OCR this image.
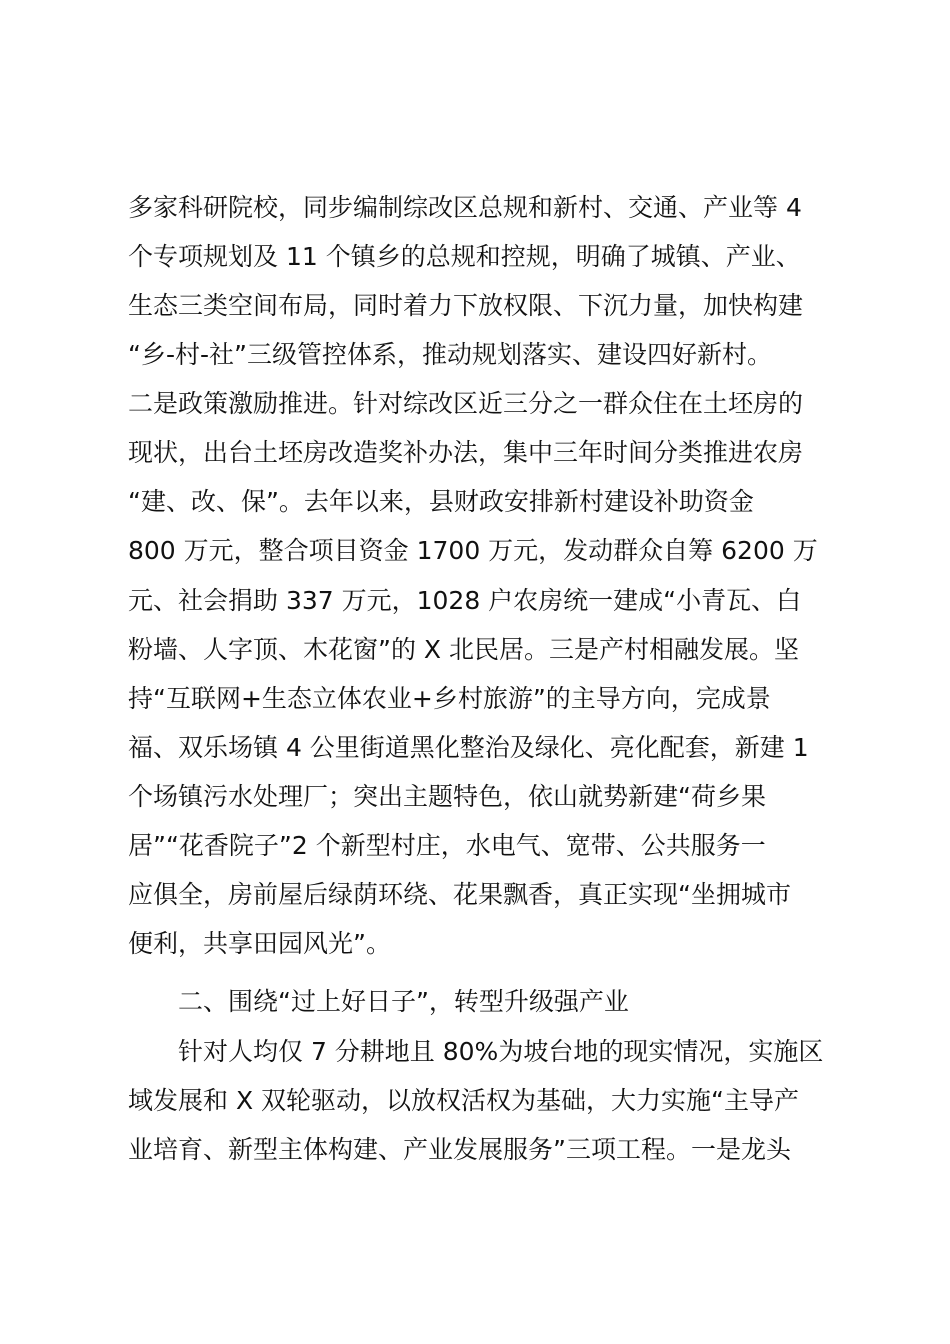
多家科研院校，同步编制综改区总规和新村、交通、产业等 4
个专项规划及 11 个镇乡的总规和控规，明确了城镇、产业、
生态三类空间布局，同时着力下放权限、下沉力量，加快构建
“乡-村-社”三级管控体系，推动规划落实、建设四好新村。
二是政策激励推进。针对综改区近三分之一群众住在土坯房的
现状，出台土坯房改造奖补办法，集中三年时间分类推进农房
“建、改、保”。去年以来，县财政安排新村建设补助资金
800 万元，整合项目资金 1700 万元，发动群众自筹 6200 万
元、社会捐助 337 万元，1028 户农房统一建成“小青瓦、白
粉墙、人字顶、木花窗”的 X 北民居。三是产村相融发展。坚
持“互联网+生态立体农业+乡村旅游”的主导方向，完成景
福、双乐场镇 4 公里街道黑化整治及绿化、亮化配套，新建 1
个场镇污水处理厂；突出主题特色，依山就势新建“荷乡果
居”“花香院子”2 个新型村庄，水电气、宽带、公共服务一
应俱全，房前屋后绿荫环绕、花果飘香，真正实现“坐拥城市
便利，共享田园风光”。
二、围绕“过上好日子”，转型升级强产业
针对人均仅 7 分耕地且 80%为坡台地的现实情况，实施区
域发展和 X 双轮驱动，以放权活权为基础，大力实施“主导产
业培育、新型主体构建、产业发展服务”三项工程。一是龙头
